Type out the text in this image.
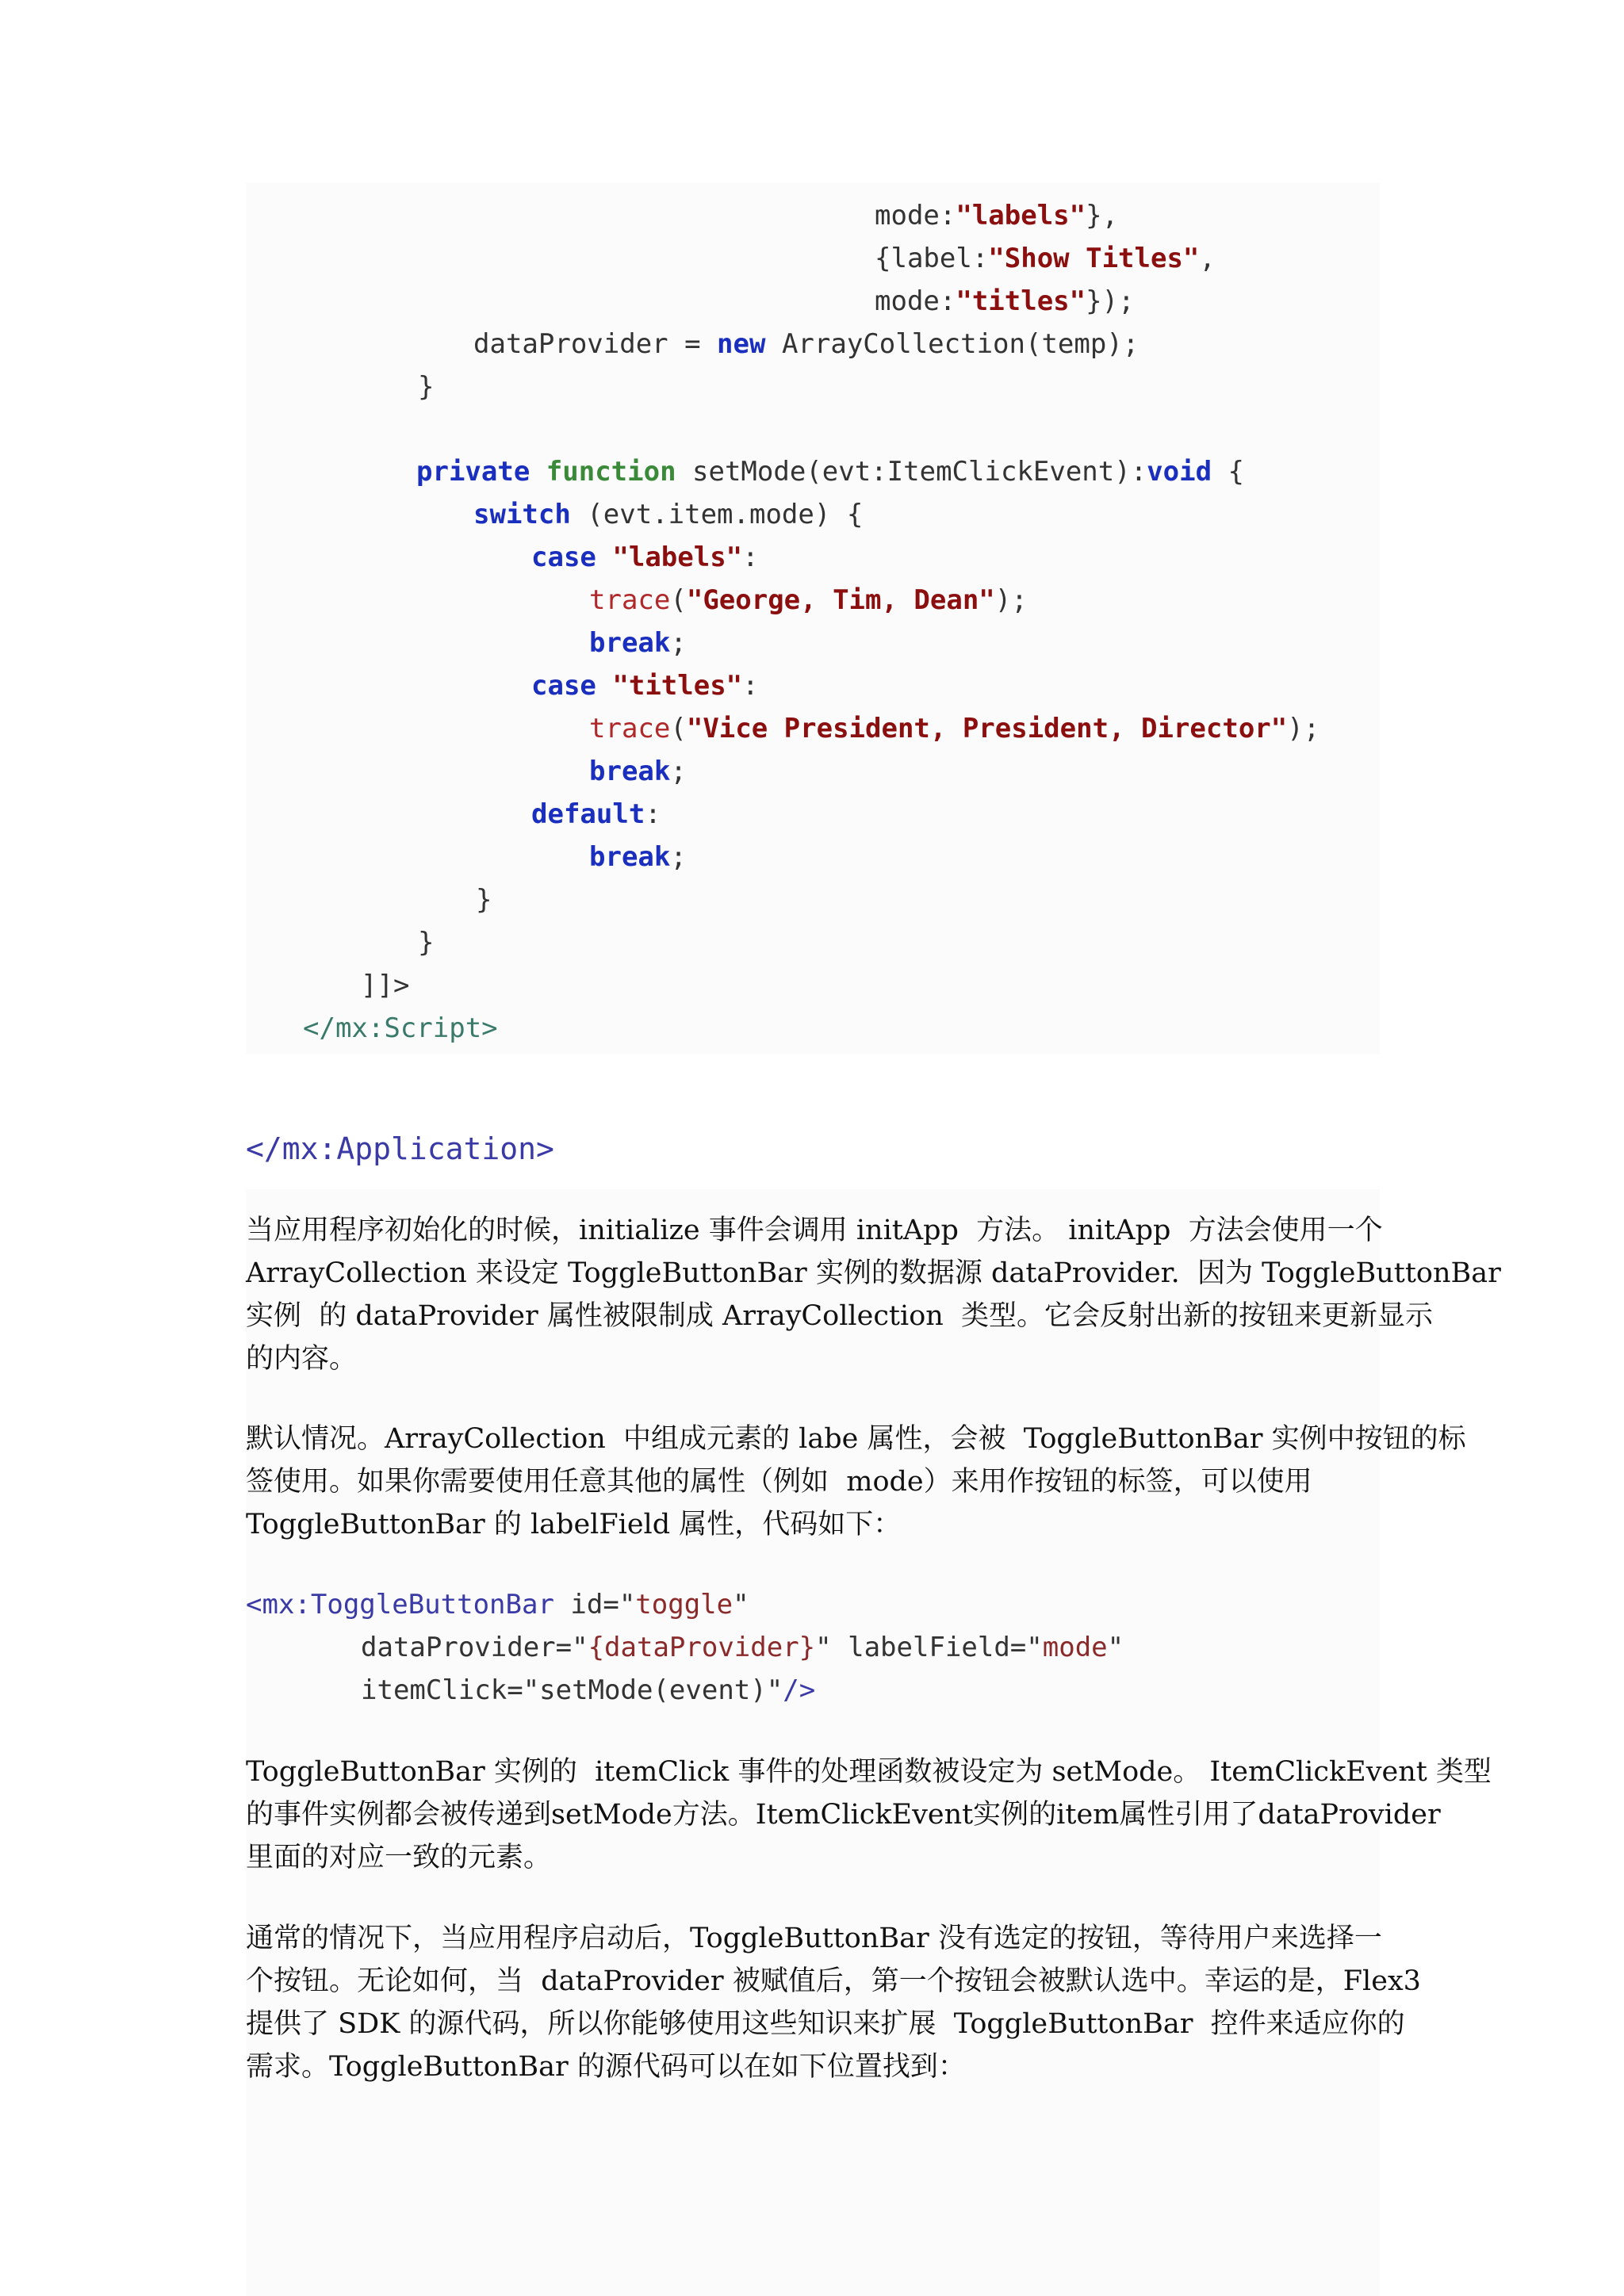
mode:"labels"},
{label:"Show Titles",
mode:"titles"});
dataProvider = new ArrayCollection(temp);
}
private function setMode(evt:ItemClickEvent):void {
switch (evt.item.mode) {
case "labels":
trace("George, Tim, Dean");
break;
case "titles":
trace("Vice President, President, Director");
break;
default:
break;
}
}
]]>
</mx:Script>
</mx:Application>
当应用程序初始化的时候，initialize 事件会调用 initApp  方法。 initApp  方法会使用一个
ArrayCollection 来设定 ToggleButtonBar 实例的数据源 dataProvider.  因为 ToggleButtonBar
实例  的 dataProvider 属性被限制成 ArrayCollection  类型。它会反射出新的按钮来更新显示
的内容。
默认情况。ArrayCollection  中组成元素的 labe 属性，会被  ToggleButtonBar 实例中按钮的标
签使用。如果你需要使用任意其他的属性（例如  mode）来用作按钮的标签，可以使用
ToggleButtonBar 的 labelField 属性，代码如下：
<mx:ToggleButtonBar id="toggle"
dataProvider="{dataProvider}" labelField="mode"
itemClick="setMode(event)"/>
ToggleButtonBar 实例的  itemClick 事件的处理函数被设定为 setMode。 ItemClickEvent 类型
的事件实例都会被传递到setMode方法。ItemClickEvent实例的item属性引用了dataProvider
里面的对应一致的元素。
通常的情况下，当应用程序启动后，ToggleButtonBar 没有选定的按钮，等待用户来选择一
个按钮。无论如何，当  dataProvider 被赋值后，第一个按钮会被默认选中。幸运的是，Flex3
提供了 SDK 的源代码，所以你能够使用这些知识来扩展  ToggleButtonBar  控件来适应你的
需求。ToggleButtonBar 的源代码可以在如下位置找到：
